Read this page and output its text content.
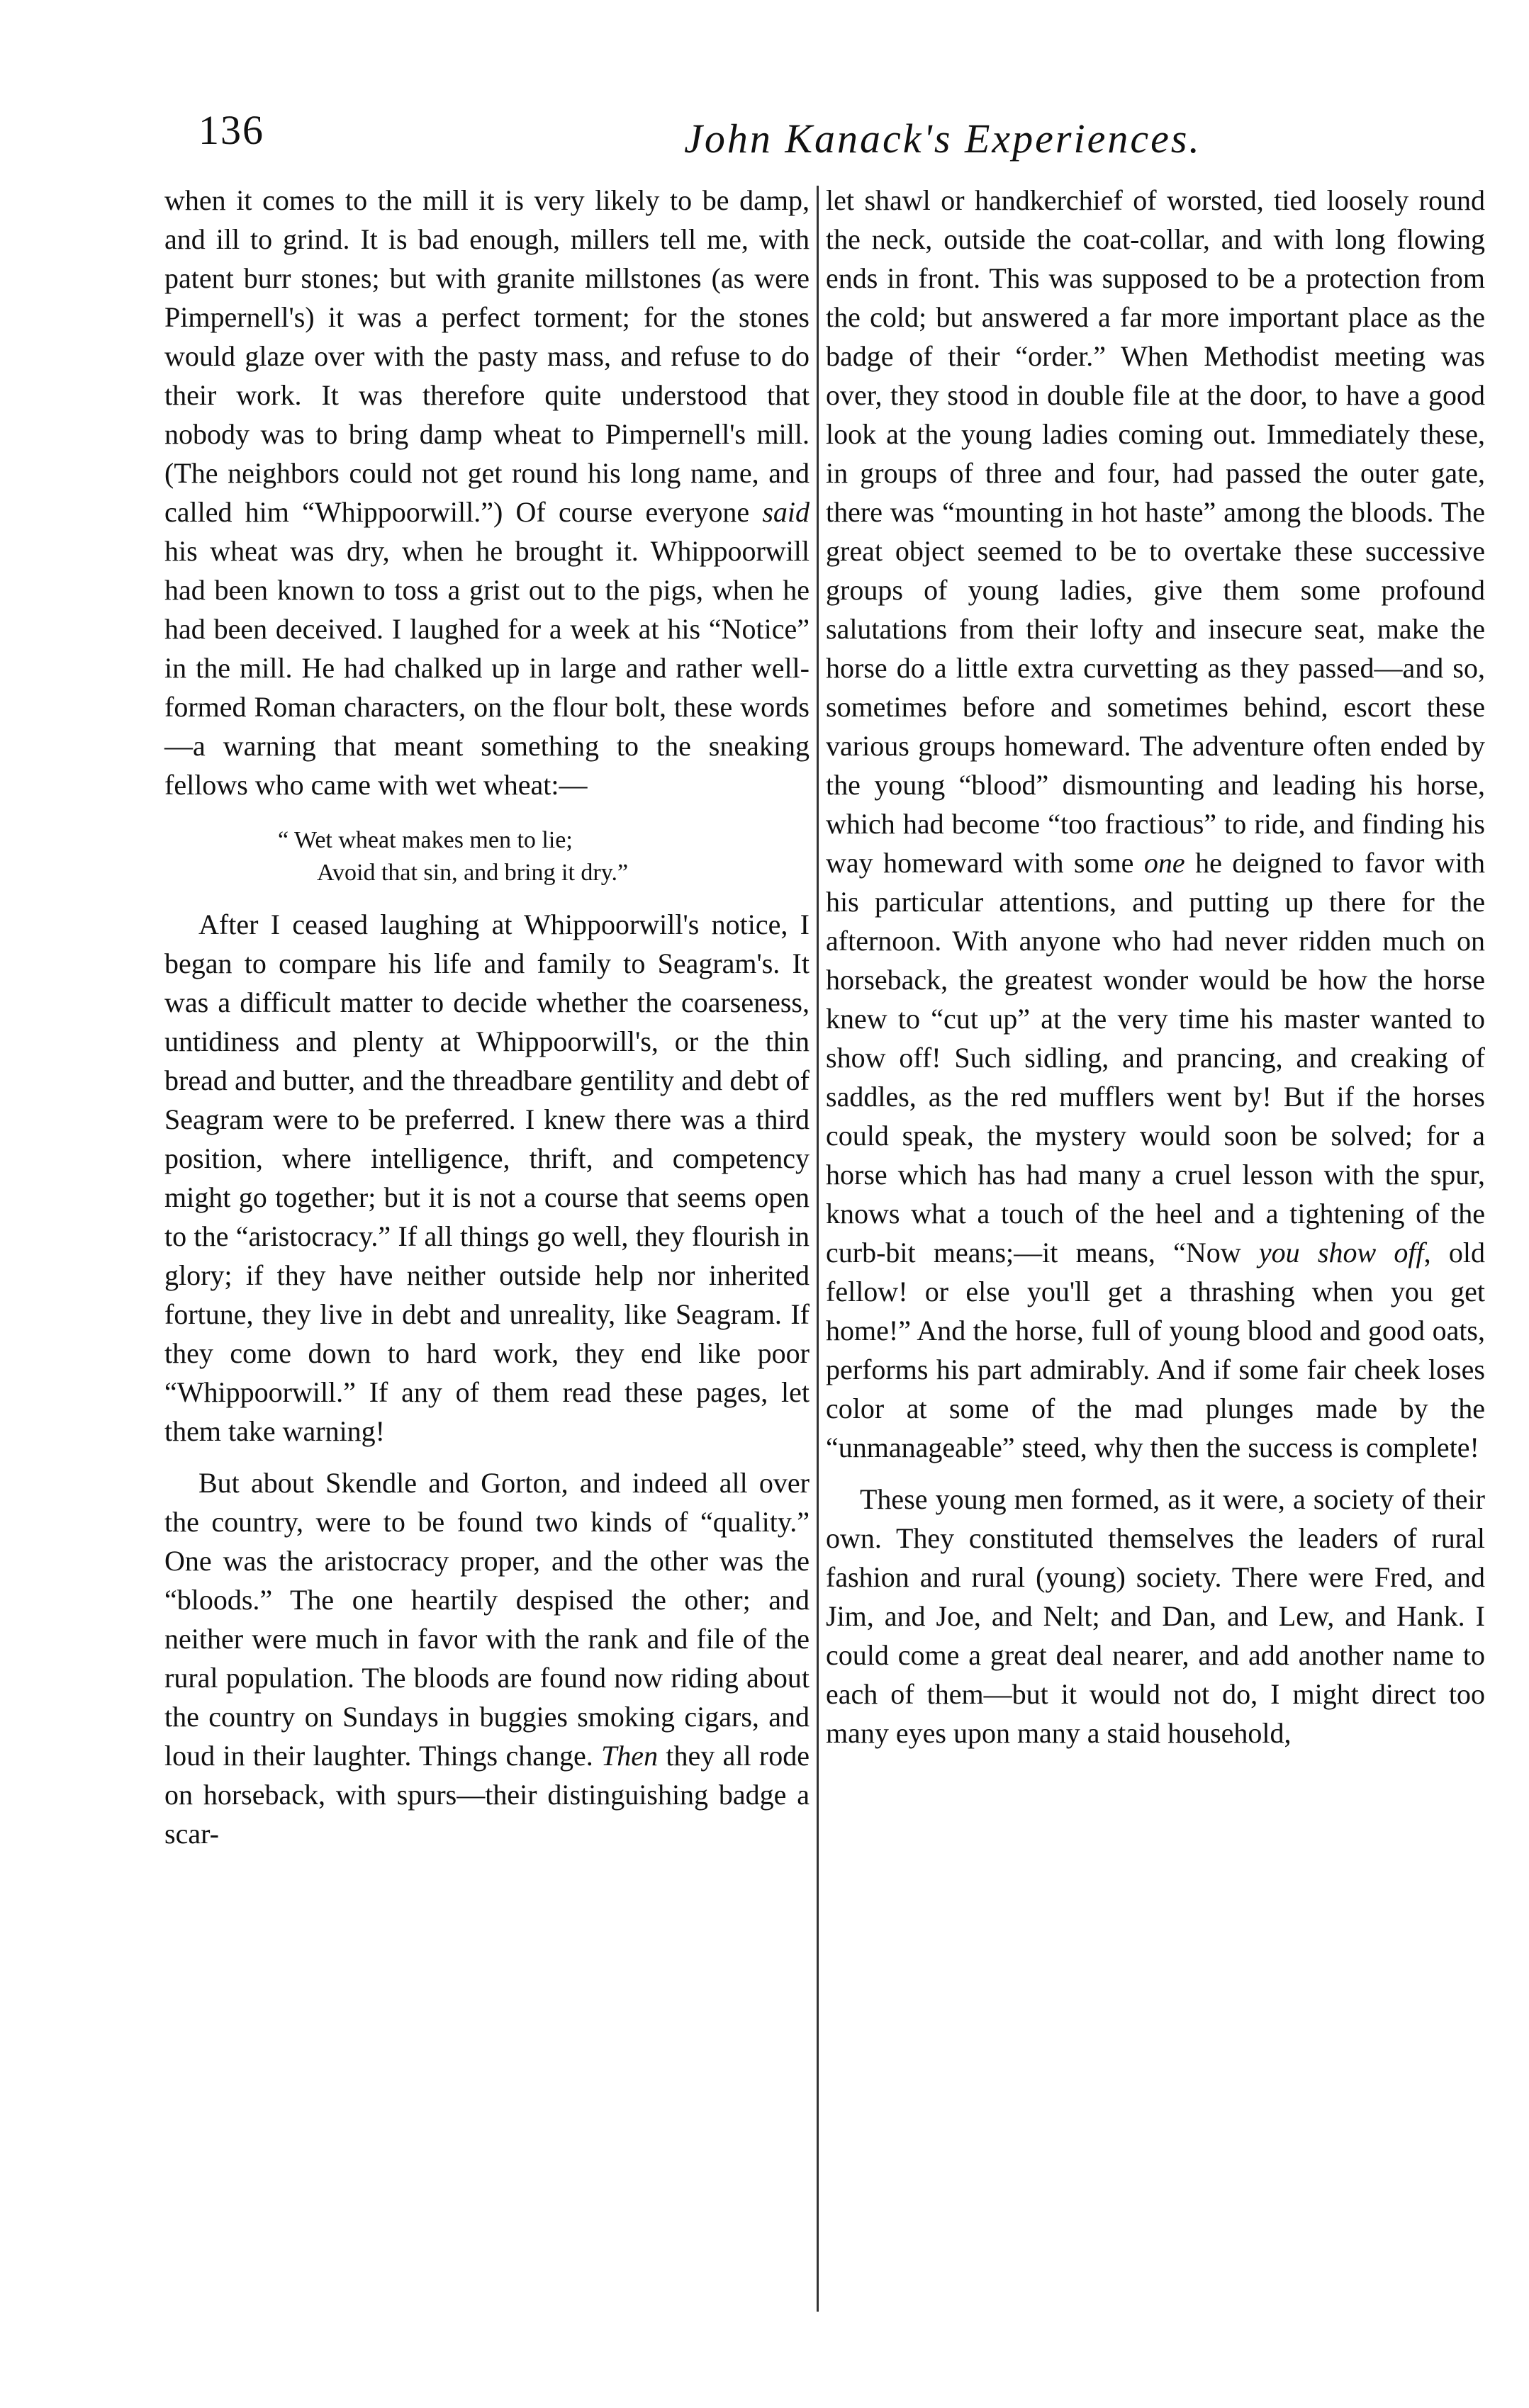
136	John Kanack's Experiences.

when it comes to the mill it is very likely to be damp, and ill to grind. It is bad enough, millers tell me, with patent burr stones; but with granite millstones (as were Pimpernell's) it was a perfect torment; for the stones would glaze over with the pasty mass, and refuse to do their work. It was therefore quite understood that nobody was to bring damp wheat to Pimpernell's mill. (The neighbors could not get round his long name, and called him “Whippoorwill.”) Of course everyone said his wheat was dry, when he brought it. Whippoorwill had been known to toss a grist out to the pigs, when he had been deceived. I laughed for a week at his “Notice” in the mill. He had chalked up in large and rather well-formed Roman characters, on the flour bolt, these words—a warning that meant something to the sneaking fellows who came with wet wheat:—

“ Wet wheat makes men to lie;
Avoid that sin, and bring it dry.”

After I ceased laughing at Whippoorwill's notice, I began to compare his life and family to Seagram's. It was a difficult matter to decide whether the coarseness, untidiness and plenty at Whippoorwill's, or the thin bread and butter, and the threadbare gentility and debt of Seagram were to be preferred. I knew there was a third position, where intelligence, thrift, and competency might go together; but it is not a course that seems open to the “aristocracy.” If all things go well, they flourish in glory; if they have neither outside help nor inherited fortune, they live in debt and unreality, like Seagram. If they come down to hard work, they end like poor “Whippoorwill.” If any of them read these pages, let them take warning!

But about Skendle and Gorton, and indeed all over the country, were to be found two kinds of “quality.” One was the aristocracy proper, and the other was the “bloods.” The one heartily despised the other; and neither were much in favor with the rank and file of the rural population. The bloods are found now riding about the country on Sundays in buggies smoking cigars, and loud in their laughter. Things change. Then they all rode on horseback, with spurs—their distinguishing badge a scar-

let shawl or handkerchief of worsted, tied loosely round the neck, outside the coat-collar, and with long flowing ends in front. This was supposed to be a protection from the cold; but answered a far more important place as the badge of their “order.” When Methodist meeting was over, they stood in double file at the door, to have a good look at the young ladies coming out. Immediately these, in groups of three and four, had passed the outer gate, there was “mounting in hot haste” among the bloods. The great object seemed to be to overtake these successive groups of young ladies, give them some profound salutations from their lofty and insecure seat, make the horse do a little extra curvetting as they passed—and so, sometimes before and sometimes behind, escort these various groups homeward. The adventure often ended by the young “blood” dismounting and leading his horse, which had become “too fractious” to ride, and finding his way homeward with some one he deigned to favor with his particular attentions, and putting up there for the afternoon. With anyone who had never ridden much on horseback, the greatest wonder would be how the horse knew to “cut up” at the very time his master wanted to show off! Such sidling, and prancing, and creaking of saddles, as the red mufflers went by! But if the horses could speak, the mystery would soon be solved; for a horse which has had many a cruel lesson with the spur, knows what a touch of the heel and a tightening of the curb-bit means;—it means, “Now you show off, old fellow! or else you'll get a thrashing when you get home!” And the horse, full of young blood and good oats, performs his part admirably. And if some fair cheek loses color at some of the mad plunges made by the “unmanageable” steed, why then the success is complete!

These young men formed, as it were, a society of their own. They constituted themselves the leaders of rural fashion and rural (young) society. There were Fred, and Jim, and Joe, and Nelt; and Dan, and Lew, and Hank. I could come a great deal nearer, and add another name to each of them—but it would not do, I might direct too many eyes upon many a staid household,
